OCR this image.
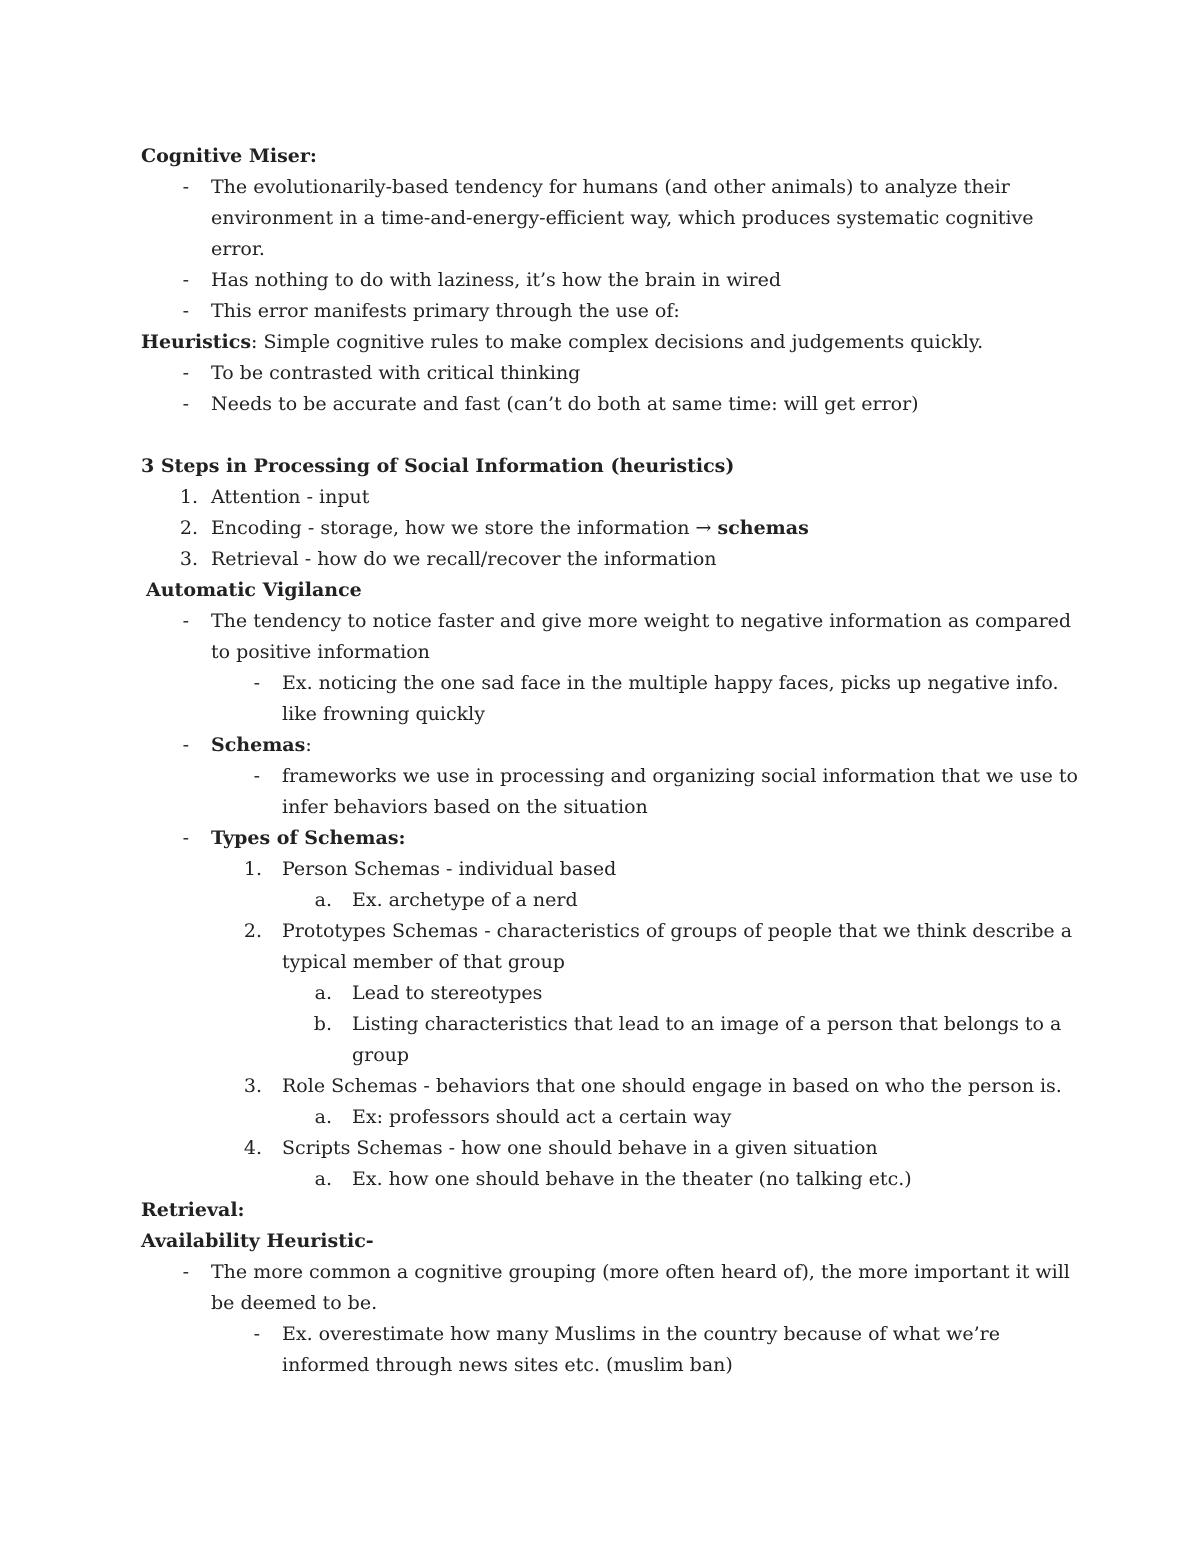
Cognitive Miser:
- The evolutionarily-based tendency for humans (and other animals) to analyze their
environment in a time-and-energy-efficient way, which produces systematic cognitive
error.
- Has nothing to do with laziness, it’s how the brain in wired
- This error manifests primary through the use of:
Heuristics: Simple cognitive rules to make complex decisions and judgements quickly.
- To be contrasted with critical thinking
- Needs to be accurate and fast (can’t do both at same time: will get error)
3 Steps in Processing of Social Information (heuristics)
1. Attention - input
2. Encoding - storage, how we store the information → schemas
3. Retrieval - how do we recall/recover the information
Automatic Vigilance
- The tendency to notice faster and give more weight to negative information as compared
to positive information
- Ex. noticing the one sad face in the multiple happy faces, picks up negative info.
like frowning quickly
- Schemas:
- frameworks we use in processing and organizing social information that we use to
infer behaviors based on the situation
- Types of Schemas:
1. Person Schemas - individual based
a. Ex. archetype of a nerd
2. Prototypes Schemas - characteristics of groups of people that we think describe a
typical member of that group
a. Lead to stereotypes
b. Listing characteristics that lead to an image of a person that belongs to a
group
3. Role Schemas - behaviors that one should engage in based on who the person is.
a. Ex: professors should act a certain way
4. Scripts Schemas - how one should behave in a given situation
a. Ex. how one should behave in the theater (no talking etc.)
Retrieval:
Availability Heuristic-
- The more common a cognitive grouping (more often heard of), the more important it will
be deemed to be.
- Ex. overestimate how many Muslims in the country because of what we’re
informed through news sites etc. (muslim ban)
